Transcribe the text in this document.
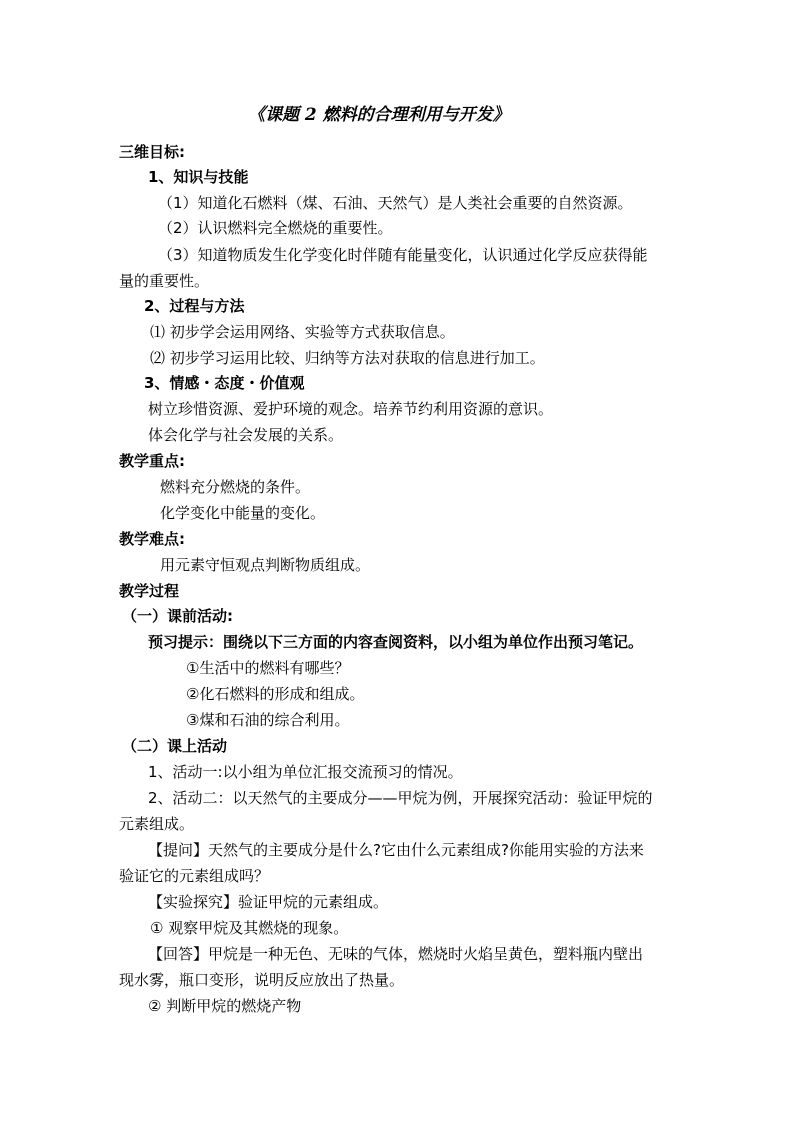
《课题 2 燃料的合理利用与开发》
三维目标:
1、知识与技能
（1）知道化石燃料（煤、石油、天然气）是人类社会重要的自然资源。
（2）认识燃料完全燃烧的重要性。
（3）知道物质发生化学变化时伴随有能量变化，认识通过化学反应获得能
量的重要性。
2、过程与方法
⑴ 初步学会运用网络、实验等方式获取信息。
⑵ 初步学习运用比较、归纳等方法对获取的信息进行加工。
3、情感・态度・价值观
树立珍惜资源、爱护环境的观念。培养节约利用资源的意识。
体会化学与社会发展的关系。
教学重点:
燃料充分燃烧的条件。
化学变化中能量的变化。
教学难点:
用元素守恒观点判断物质组成。
教学过程
（一）课前活动:
预习提示：围绕以下三方面的内容查阅资料，以小组为单位作出预习笔记。
①生活中的燃料有哪些？
②化石燃料的形成和组成。
③煤和石油的综合利用。
（二）课上活动
1、活动一:以小组为单位汇报交流预习的情况。
2、活动二：以天然气的主要成分——甲烷为例，开展探究活动：验证甲烷的
元素组成。
【提问】天然气的主要成分是什么?它由什么元素组成?你能用实验的方法来
验证它的元素组成吗？
【实验探究】验证甲烷的元素组成。
① 观察甲烷及其燃烧的现象。
【回答】甲烷是一种无色、无味的气体，燃烧时火焰呈黄色，塑料瓶内壁出
现水雾，瓶口变形，说明反应放出了热量。
② 判断甲烷的燃烧产物
